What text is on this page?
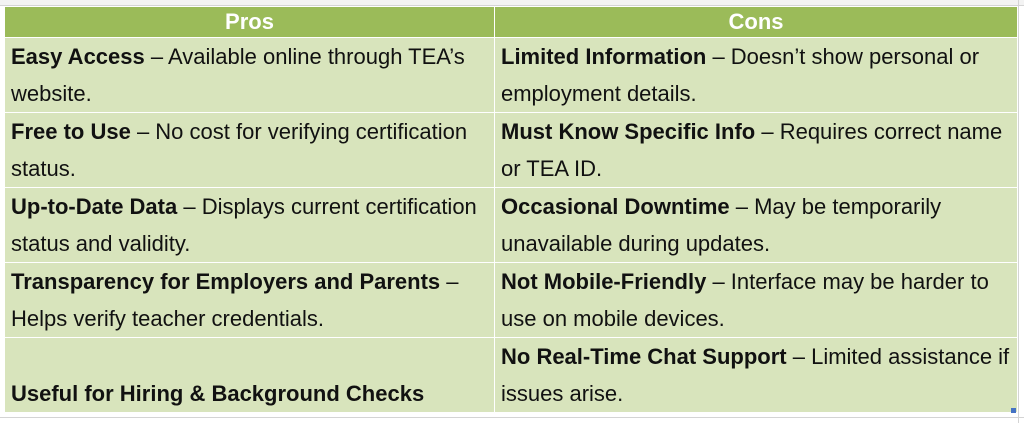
Pros	Cons
Easy Access – Available online through TEA’s website.	Limited Information – Doesn’t show personal or employment details.
Free to Use – No cost for verifying certification status.	Must Know Specific Info – Requires correct name or TEA ID.
Up-to-Date Data – Displays current certification status and validity.	Occasional Downtime – May be temporarily unavailable during updates.
Transparency for Employers and Parents – Helps verify teacher credentials.	Not Mobile-Friendly – Interface may be harder to use on mobile devices.
Useful for Hiring & Background Checks	No Real-Time Chat Support – Limited assistance if issues arise.
